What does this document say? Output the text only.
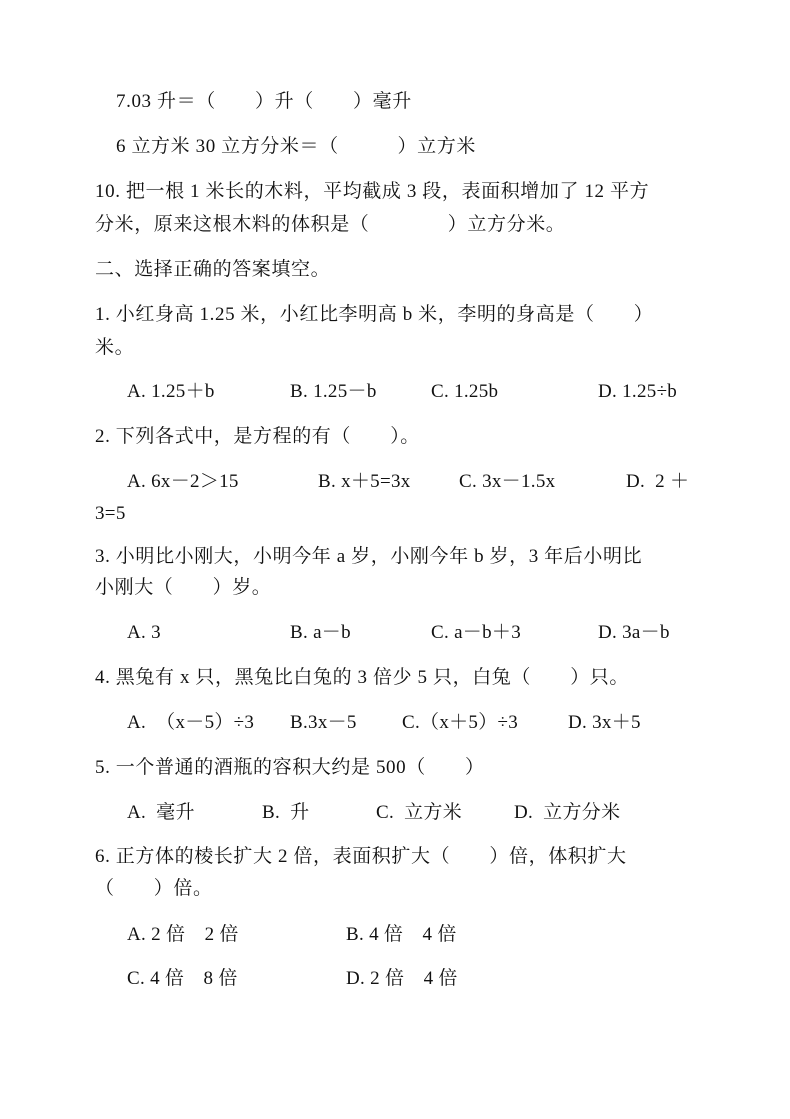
7.03 升＝（　　）升（　　）毫升
6 立方米 30 立方分米＝（　　　）立方米
10. 把一根 1 米长的木料，平均截成 3 段，表面积增加了 12 平方
分米，原来这根木料的体积是（　　　　）立方分米。
二、选择正确的答案填空。
1. 小红身高 1.25 米，小红比李明高 b 米，李明的身高是（　　）
米。
A. 1.25＋b	B. 1.25－b	C. 1.25b	D. 1.25÷b
2. 下列各式中，是方程的有（　　）。
A. 6x－2＞15	B. x＋5=3x	C. 3x－1.5x	D.  2 ＋
3=5
3. 小明比小刚大，小明今年 a 岁，小刚今年 b 岁，3 年后小明比
小刚大（　　）岁。
A. 3	B. a－b	C. a－b＋3	D. 3a－b
4. 黑兔有 x 只，黑兔比白兔的 3 倍少 5 只，白兔（　　）只。
A.  （x－5）÷3 B.3x－5 C.（x＋5）÷3	D. 3x＋5
5. 一个普通的酒瓶的容积大约是 500（　　）
A.  毫升	B.  升	C.  立方米	D.  立方分米
6. 正方体的棱长扩大 2 倍，表面积扩大（　　）倍，体积扩大
（　　）倍。
A. 2 倍　2 倍	B. 4 倍　4 倍
C. 4 倍　8 倍	D. 2 倍　4 倍
